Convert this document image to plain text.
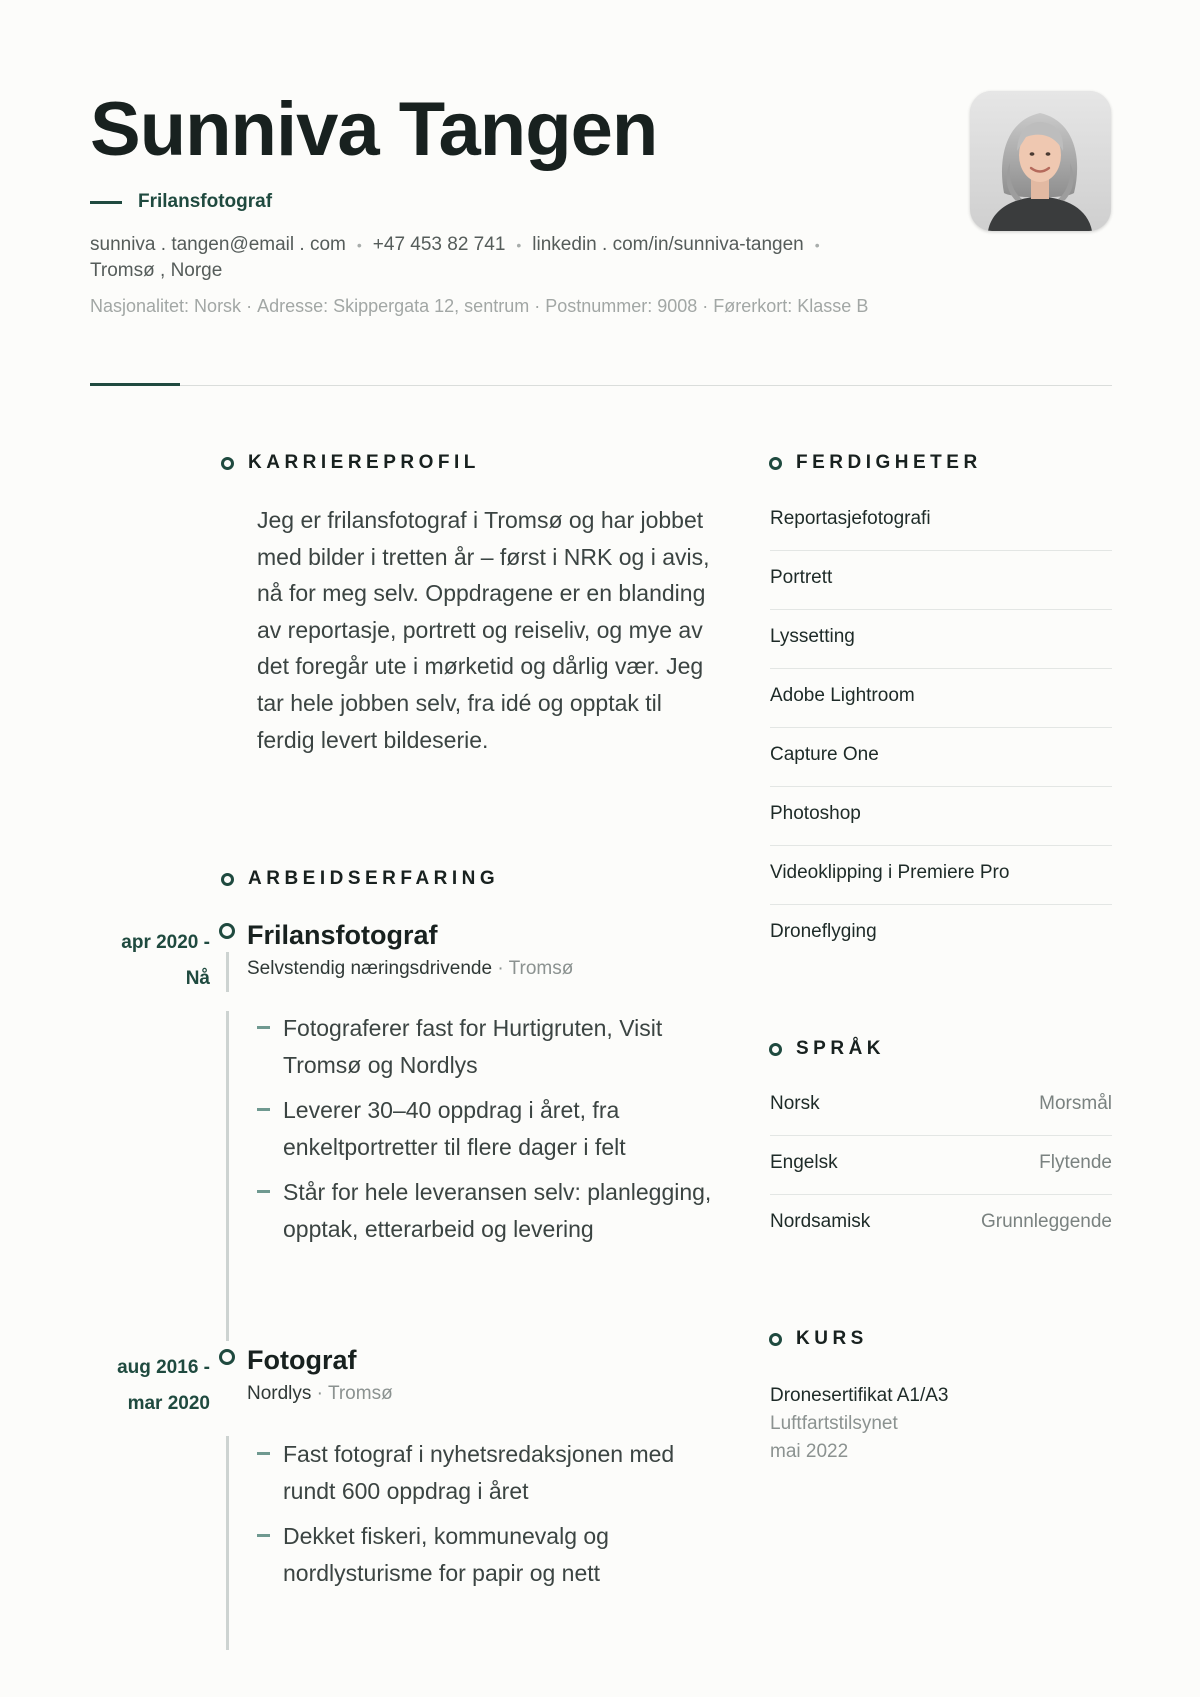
Sunniva Tangen
Frilansfotograf
sunniva . tangen@email . com • +47 453 82 741 • linkedin . com/in/sunniva-tangen •
Tromsø , Norge
Nasjonalitet: Norsk · Adresse: Skippergata 12, sentrum · Postnummer: 9008 · Førerkort: Klasse B
KARRIEREPROFIL

Jeg er frilansfotograf i Tromsø og har jobbet med bilder i tretten år – først i NRK og i avis, nå for meg selv. Oppdragene er en blanding av reportasje, portrett og reiseliv, og mye av det foregår ute i mørketid og dårlig vær. Jeg tar hele jobben selv, fra idé og opptak til ferdig levert bildeserie.

ARBEIDSERFARING
apr 2020 -
Nå
Frilansfotograf
Selvstendig næringsdrivende · Tromsø
Fotograferer fast for Hurtigruten, Visit Tromsø og Nordlys
Leverer 30–40 oppdrag i året, fra enkeltportretter til flere dager i felt
Står for hele leveransen selv: planlegging, opptak, etterarbeid og levering
aug 2016 -
mar 2020
Fotograf
Nordlys · Tromsø
Fast fotograf i nyhetsredaksjonen med rundt 600 oppdrag i året
Dekket fiskeri, kommunevalg og nordlysturisme for papir og nett
FERDIGHETER
Reportasjefotografi
Portrett
Lyssetting
Adobe Lightroom
Capture One
Photoshop
Videoklipping i Premiere Pro
Droneflyging
SPRÅK
Norsk	Morsmål
Engelsk	Flytende
Nordsamisk	Grunnleggende
KURS
Dronesertifikat A1/A3
Luftfartstilsynet
mai 2022
